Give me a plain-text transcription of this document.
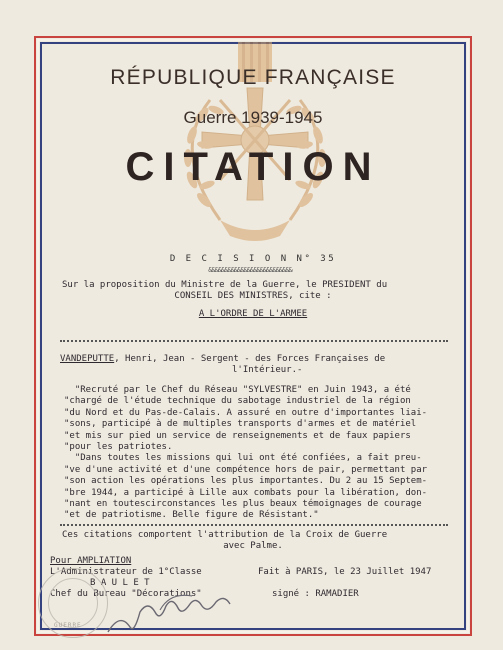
RÉPUBLIQUE FRANÇAISE
Guerre 1939-1945
CITATION
D E C I S I O N N° 35
&&&&&&&&&&&&&&&&&&&&&&&&&&
Sur la proposition du Ministre de la Guerre, le PRESIDENT du
CONSEIL DES MINISTRES, cite :
A L'ORDRE DE L'ARMEE
VANDEPUTTE, Henri, Jean - Sergent - des Forces Françaises de
l'Intérieur.-
"Recruté par le Chef du Réseau "SYLVESTRE" en Juin 1943, a été
"chargé de l'étude technique du sabotage industriel de la région
"du Nord et du Pas-de-Calais. A assuré en outre d'importantes liai-
"sons, participé à de multiples transports d'armes et de matériel
"et mis sur pied un service de renseignements et de faux papiers
"pour les patriotes.
"Dans toutes les missions qui lui ont été confiées, a fait preu-
"ve d'une activité et d'une compétence hors de pair, permettant par
"son action les opérations les plus importantes. Du 2 au 15 Septem-
"bre 1944, a participé à Lille aux combats pour la libération, don-
"nant en toutescirconstances les plus beaux témoignages de courage
"et de patriotisme. Belle figure de Résistant."
Ces citations comportent l'attribution de la Croix de Guerre
avec Palme.
Pour AMPLIATION
L'Administrateur de 1°Classe
B A U L E T
Chef du Bureau "Décorations"
Fait à PARIS, le 23 Juillet 1947
signé : RAMADIER
GUERRE
